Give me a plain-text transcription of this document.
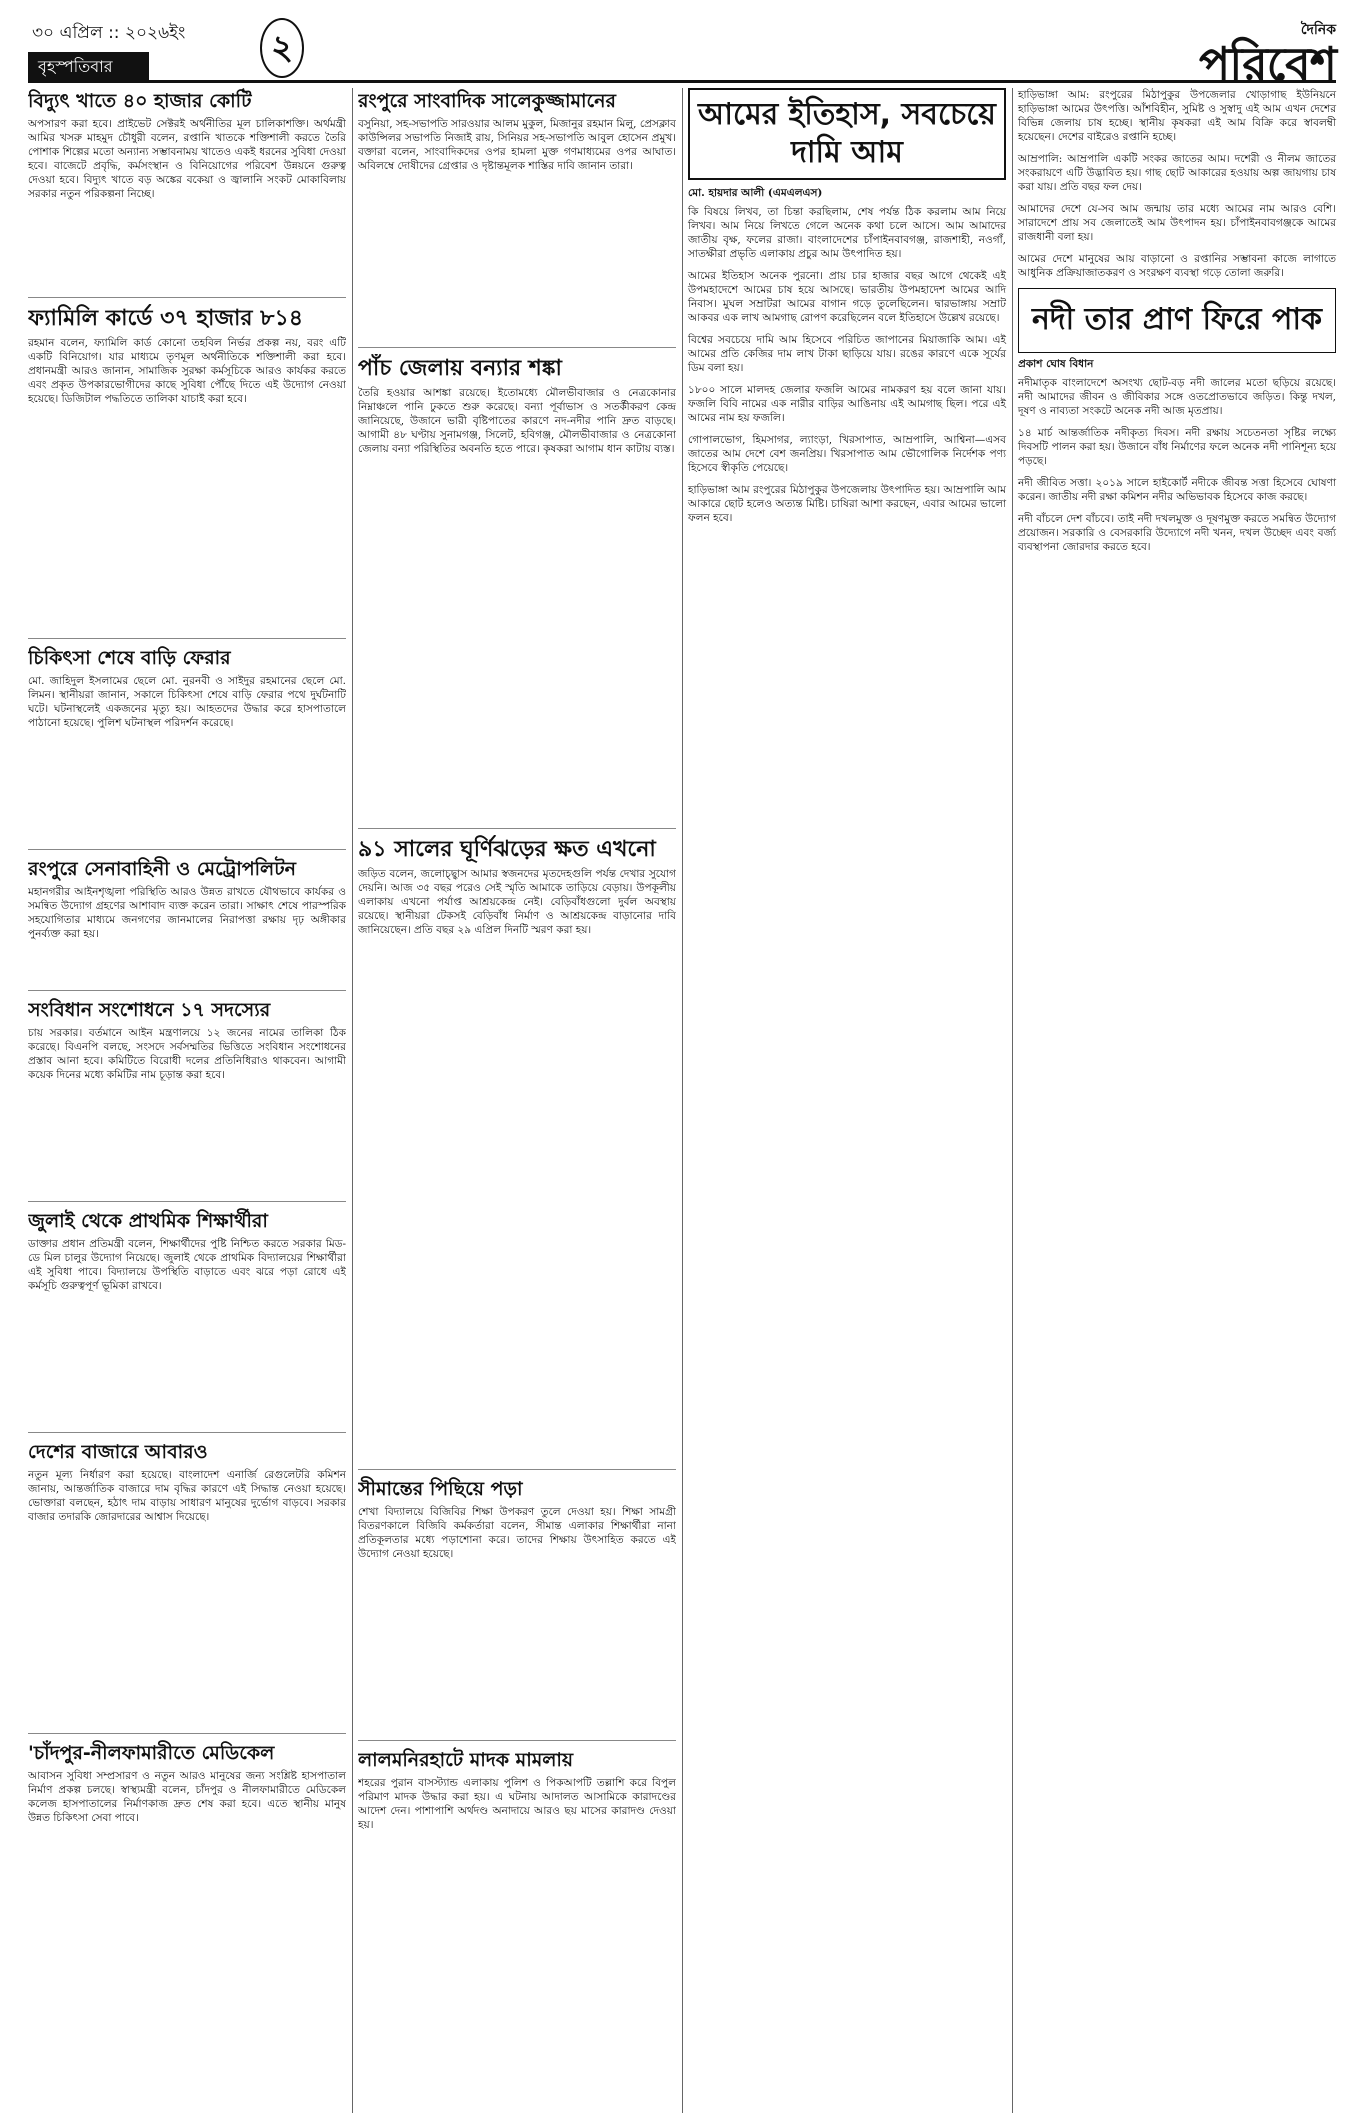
৩০ এপ্রিল :: ২০২৬ইং
বৃহস্পতিবার	২	দৈনিক
পরিবেশ
বিদ্যুৎ খাতে ৪০ হাজার কোটি

অপসারণ করা হবে। প্রাইভেট সেক্টরই অর্থনীতির মূল চালিকাশক্তি। অর্থমন্ত্রী আমির খসরু মাহমুদ চৌধুরী বলেন, রপ্তানি খাতকে শক্তিশালী করতে তৈরি পোশাক শিল্পের মতো অন্যান্য সম্ভাবনাময় খাতেও একই ধরনের সুবিধা দেওয়া হবে। বাজেটে প্রবৃদ্ধি, কর্মসংস্থান ও বিনিয়োগের পরিবেশ উন্নয়নে গুরুত্ব দেওয়া হবে। বিদ্যুৎ খাতে বড় অঙ্কের বকেয়া ও জ্বালানি সংকট মোকাবিলায় সরকার নতুন পরিকল্পনা নিচ্ছে।

ফ্যামিলি কার্ডে ৩৭ হাজার ৮১৪

রহমান বলেন, ফ্যামিলি কার্ড কোনো তহবিল নির্ভর প্রকল্প নয়, বরং এটি একটি বিনিয়োগ। যার মাধ্যমে তৃণমূল অর্থনীতিকে শক্তিশালী করা হবে। প্রধানমন্ত্রী আরও জানান, সামাজিক সুরক্ষা কর্মসূচিকে আরও কার্যকর করতে এবং প্রকৃত উপকারভোগীদের কাছে সুবিধা পৌঁছে দিতে এই উদ্যোগ নেওয়া হয়েছে। ডিজিটাল পদ্ধতিতে তালিকা যাচাই করা হবে।

চিকিৎসা শেষে বাড়ি ফেরার

মো. জাহিদুল ইসলামের ছেলে মো. নুরনবী ও সাইদুর রহমানের ছেলে মো. লিমন। স্থানীয়রা জানান, সকালে চিকিৎসা শেষে বাড়ি ফেরার পথে দুর্ঘটনাটি ঘটে। ঘটনাস্থলেই একজনের মৃত্যু হয়। আহতদের উদ্ধার করে হাসপাতালে পাঠানো হয়েছে। পুলিশ ঘটনাস্থল পরিদর্শন করেছে।

রংপুরে সেনাবাহিনী ও মেট্রোপলিটন

মহানগরীর আইনশৃঙ্খলা পরিস্থিতি আরও উন্নত রাখতে যৌথভাবে কার্যকর ও সমন্বিত উদ্যোগ গ্রহণের আশাবাদ ব্যক্ত করেন তারা। সাক্ষাৎ শেষে পারস্পরিক সহযোগিতার মাধ্যমে জনগণের জানমালের নিরাপত্তা রক্ষায় দৃঢ় অঙ্গীকার পুনর্ব্যক্ত করা হয়।

সংবিধান সংশোধনে ১৭ সদস্যের

চায় সরকার। বর্তমানে আইন মন্ত্রণালয়ে ১২ জনের নামের তালিকা ঠিক করেছে। বিএনপি বলছে, সংসদে সর্বসম্মতির ভিত্তিতে সংবিধান সংশোধনের প্রস্তাব আনা হবে। কমিটিতে বিরোধী দলের প্রতিনিধিরাও থাকবেন। আগামী কয়েক দিনের মধ্যে কমিটির নাম চূড়ান্ত করা হবে।

জুলাই থেকে প্রাথমিক শিক্ষার্থীরা

ডাক্তার প্রধান প্রতিমন্ত্রী বলেন, শিক্ষার্থীদের পুষ্টি নিশ্চিত করতে সরকার মিড-ডে মিল চালুর উদ্যোগ নিয়েছে। জুলাই থেকে প্রাথমিক বিদ্যালয়ের শিক্ষার্থীরা এই সুবিধা পাবে। বিদ্যালয়ে উপস্থিতি বাড়াতে এবং ঝরে পড়া রোধে এই কর্মসূচি গুরুত্বপূর্ণ ভূমিকা রাখবে।

দেশের বাজারে আবারও

নতুন মূল্য নির্ধারণ করা হয়েছে। বাংলাদেশ এনার্জি রেগুলেটরি কমিশন জানায়, আন্তর্জাতিক বাজারে দাম বৃদ্ধির কারণে এই সিদ্ধান্ত নেওয়া হয়েছে। ভোক্তারা বলছেন, হঠাৎ দাম বাড়ায় সাধারণ মানুষের দুর্ভোগ বাড়বে। সরকার বাজার তদারকি জোরদারের আশ্বাস দিয়েছে।

'চাঁদপুর-নীলফামারীতে মেডিকেল

আবাসন সুবিধা সম্প্রসারণ ও নতুন আরও মানুষের জন্য সংশ্লিষ্ট হাসপাতাল নির্মাণ প্রকল্প চলছে। স্বাস্থ্যমন্ত্রী বলেন, চাঁদপুর ও নীলফামারীতে মেডিকেল কলেজ হাসপাতালের নির্মাণকাজ দ্রুত শেষ করা হবে। এতে স্থানীয় মানুষ উন্নত চিকিৎসা সেবা পাবে।

রংপুরে সাংবাদিক সালেকুজ্জামানের

বসুনিয়া, সহ-সভাপতি সারওয়ার আলম মুকুল, মিজানুর রহমান মিলু, প্রেসক্লাব কাউন্সিলর সভাপতি নিজাই রায়, সিনিয়র সহ-সভাপতি আবুল হোসেন প্রমুখ। বক্তারা বলেন, সাংবাদিকদের ওপর হামলা মুক্ত গণমাধ্যমের ওপর আঘাত। অবিলম্বে দোষীদের গ্রেপ্তার ও দৃষ্টান্তমূলক শাস্তির দাবি জানান তারা।

পাঁচ জেলায় বন্যার শঙ্কা

তৈরি হওয়ার আশঙ্কা রয়েছে। ইতোমধ্যে মৌলভীবাজার ও নেত্রকোনার নিম্নাঞ্চলে পানি ঢুকতে শুরু করেছে। বন্যা পূর্বাভাস ও সতর্কীকরণ কেন্দ্র জানিয়েছে, উজানে ভারী বৃষ্টিপাতের কারণে নদ-নদীর পানি দ্রুত বাড়ছে। আগামী ৪৮ ঘণ্টায় সুনামগঞ্জ, সিলেট, হবিগঞ্জ, মৌলভীবাজার ও নেত্রকোনা জেলায় বন্যা পরিস্থিতির অবনতি হতে পারে। কৃষকরা আগাম ধান কাটায় ব্যস্ত।

৯১ সালের ঘূর্ণিঝড়ের ক্ষত এখনো

জড়িত বলেন, জলোচ্ছ্বাস আমার স্বজনদের মৃতদেহগুলি পর্যন্ত দেখার সুযোগ দেয়নি। আজ ৩৫ বছর পরেও সেই স্মৃতি আমাকে তাড়িয়ে বেড়ায়। উপকূলীয় এলাকায় এখনো পর্যাপ্ত আশ্রয়কেন্দ্র নেই। বেড়িবাঁধগুলো দুর্বল অবস্থায় রয়েছে। স্থানীয়রা টেকসই বেড়িবাঁধ নির্মাণ ও আশ্রয়কেন্দ্র বাড়ানোর দাবি জানিয়েছেন। প্রতি বছর ২৯ এপ্রিল দিনটি স্মরণ করা হয়।

সীমান্তের পিছিয়ে পড়া

শেখা বিদ্যালয়ে বিজিবির শিক্ষা উপকরণ তুলে দেওয়া হয়। শিক্ষা সামগ্রী বিতরণকালে বিজিবি কর্মকর্তারা বলেন, সীমান্ত এলাকার শিক্ষার্থীরা নানা প্রতিকূলতার মধ্যে পড়াশোনা করে। তাদের শিক্ষায় উৎসাহিত করতে এই উদ্যোগ নেওয়া হয়েছে।

লালমনিরহাটে মাদক মামলায়

শহরের পুরান বাসস্ট্যান্ড এলাকায় পুলিশ ও পিকআপটি তল্লাশি করে বিপুল পরিমাণ মাদক উদ্ধার করা হয়। এ ঘটনায় আদালত আসামিকে কারাদণ্ডের আদেশ দেন। পাশাপাশি অর্থদণ্ড অনাদায়ে আরও ছয় মাসের কারাদণ্ড দেওয়া হয়।

আমের ইতিহাস, সবচেয়ে দামি আম
মো. হায়দার আলী (এমএলএস)

কি বিষয়ে লিখব, তা চিন্তা করছিলাম, শেষ পর্যন্ত ঠিক করলাম আম নিয়ে লিখব। আম নিয়ে লিখতে গেলে অনেক কথা চলে আসে। আম আমাদের জাতীয় বৃক্ষ, ফলের রাজা। বাংলাদেশের চাঁপাইনবাবগঞ্জ, রাজশাহী, নওগাঁ, সাতক্ষীরা প্রভৃতি এলাকায় প্রচুর আম উৎপাদিত হয়।

আমের ইতিহাস অনেক পুরনো। প্রায় চার হাজার বছর আগে থেকেই এই উপমহাদেশে আমের চাষ হয়ে আসছে। ভারতীয় উপমহাদেশ আমের আদি নিবাস। মুঘল সম্রাটরা আমের বাগান গড়ে তুলেছিলেন। দ্বারভাঙ্গায় সম্রাট আকবর এক লাখ আমগাছ রোপণ করেছিলেন বলে ইতিহাসে উল্লেখ রয়েছে।

বিশ্বের সবচেয়ে দামি আম হিসেবে পরিচিত জাপানের মিয়াজাকি আম। এই আমের প্রতি কেজির দাম লাখ টাকা ছাড়িয়ে যায়। রঙের কারণে একে সূর্যের ডিম বলা হয়।

১৮০০ সালে মালদহ জেলার ফজলি আমের নামকরণ হয় বলে জানা যায়। ফজলি বিবি নামের এক নারীর বাড়ির আঙিনায় এই আমগাছ ছিল। পরে এই আমের নাম হয় ফজলি।

গোপালভোগ, হিমসাগর, ল্যাংড়া, খিরসাপাত, আম্রপালি, আশ্বিনা—এসব জাতের আম দেশে বেশ জনপ্রিয়। খিরসাপাত আম ভৌগোলিক নির্দেশক পণ্য হিসেবে স্বীকৃতি পেয়েছে।

হাড়িভাঙ্গা আম রংপুরের মিঠাপুকুর উপজেলায় উৎপাদিত হয়। আম্রপালি আম আকারে ছোট হলেও অত্যন্ত মিষ্টি। চাষিরা আশা করছেন, এবার আমের ভালো ফলন হবে।

হাড়িভাঙ্গা আম: রংপুরের মিঠাপুকুর উপজেলার খোড়াগাছ ইউনিয়নে হাড়িভাঙ্গা আমের উৎপত্তি। আঁশবিহীন, সুমিষ্ট ও সুস্বাদু এই আম এখন দেশের বিভিন্ন জেলায় চাষ হচ্ছে। স্থানীয় কৃষকরা এই আম বিক্রি করে স্বাবলম্বী হয়েছেন। দেশের বাইরেও রপ্তানি হচ্ছে।

আম্রপালি: আম্রপালি একটি সংকর জাতের আম। দশেরী ও নীলম জাতের সংকরায়ণে এটি উদ্ভাবিত হয়। গাছ ছোট আকারের হওয়ায় অল্প জায়গায় চাষ করা যায়। প্রতি বছর ফল দেয়।

আমাদের দেশে যে-সব আম জন্মায় তার মধ্যে আমের নাম আরও বেশি। সারাদেশে প্রায় সব জেলাতেই আম উৎপাদন হয়। চাঁপাইনবাবগঞ্জকে আমের রাজধানী বলা হয়।

আমের দেশে মানুষের আয় বাড়ানো ও রপ্তানির সম্ভাবনা কাজে লাগাতে আধুনিক প্রক্রিয়াজাতকরণ ও সংরক্ষণ ব্যবস্থা গড়ে তোলা জরুরি।

নদী তার প্রাণ ফিরে পাক
প্রকাশ ঘোষ বিধান

নদীমাতৃক বাংলাদেশে অসংখ্য ছোট-বড় নদী জালের মতো ছড়িয়ে রয়েছে। নদী আমাদের জীবন ও জীবিকার সঙ্গে ওতপ্রোতভাবে জড়িত। কিন্তু দখল, দূষণ ও নাব্যতা সংকটে অনেক নদী আজ মৃতপ্রায়।

১৪ মার্চ আন্তর্জাতিক নদীকৃত্য দিবস। নদী রক্ষায় সচেতনতা সৃষ্টির লক্ষ্যে দিবসটি পালন করা হয়। উজানে বাঁধ নির্মাণের ফলে অনেক নদী পানিশূন্য হয়ে পড়ছে।

নদী জীবিত সত্তা। ২০১৯ সালে হাইকোর্ট নদীকে জীবন্ত সত্তা হিসেবে ঘোষণা করেন। জাতীয় নদী রক্ষা কমিশন নদীর অভিভাবক হিসেবে কাজ করছে।

নদী বাঁচলে দেশ বাঁচবে। তাই নদী দখলমুক্ত ও দূষণমুক্ত করতে সমন্বিত উদ্যোগ প্রয়োজন। সরকারি ও বেসরকারি উদ্যোগে নদী খনন, দখল উচ্ছেদ এবং বর্জ্য ব্যবস্থাপনা জোরদার করতে হবে।
